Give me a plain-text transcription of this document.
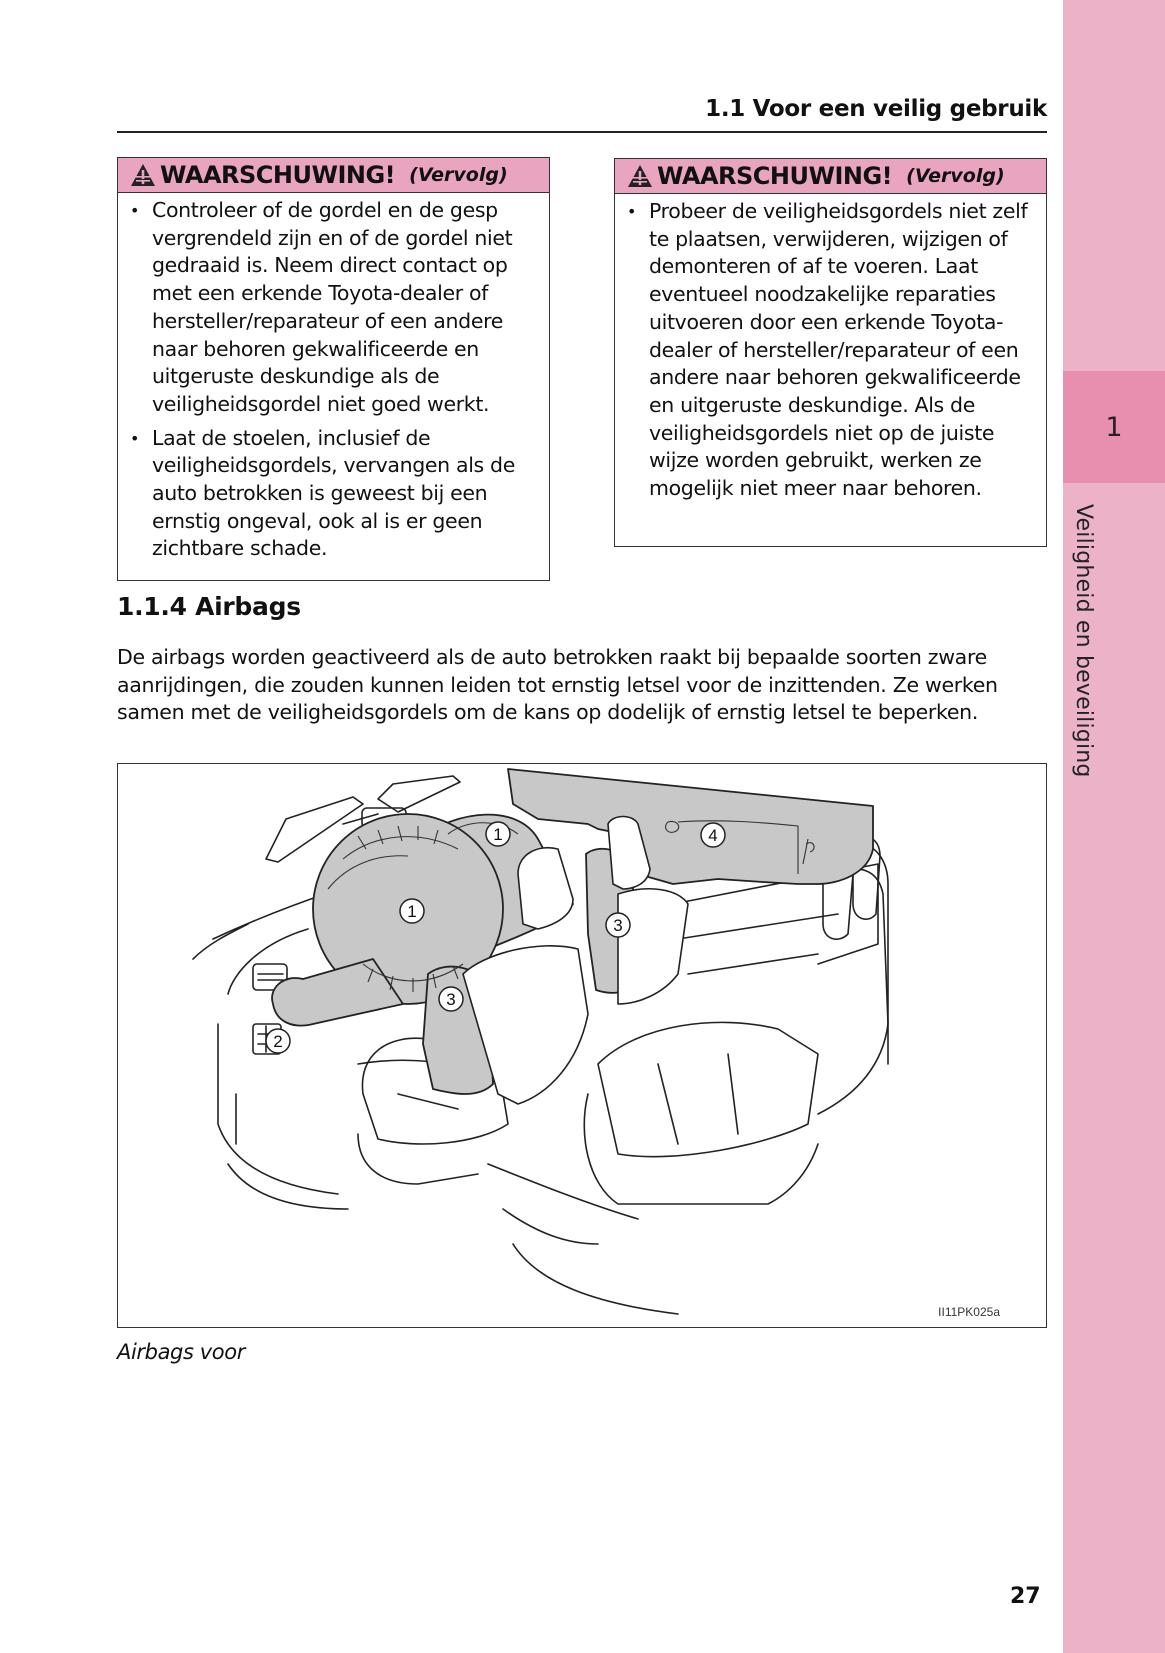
1
Veiligheid en beveiliging
1.1 Voor een veilig gebruik
WAARSCHUWING! (Vervolg)
• Controleer of de gordel en de gesp vergrendeld zijn en of de gordel niet gedraaid is. Neem direct contact op met een erkende Toyota-dealer of hersteller/reparateur of een andere naar behoren gekwalificeerde en uitgeruste deskundige als de veiligheidsgordel niet goed werkt.
• Laat de stoelen, inclusief de veiligheidsgordels, vervangen als de auto betrokken is geweest bij een ernstig ongeval, ook al is er geen zichtbare schade.
WAARSCHUWING! (Vervolg)
• Probeer de veiligheidsgordels niet zelf te plaatsen, verwijderen, wijzigen of demonteren of af te voeren. Laat eventueel noodzakelijke reparaties uitvoeren door een erkende Toyota-dealer of hersteller/reparateur of een andere naar behoren gekwalificeerde en uitgeruste deskundige. Als de veiligheidsgordels niet op de juiste wijze worden gebruikt, werken ze mogelijk niet meer naar behoren.
1.1.4 Airbags
De airbags worden geactiveerd als de auto betrokken raakt bij bepaalde soorten zware aanrijdingen, die zouden kunnen leiden tot ernstig letsel voor de inzittenden. Ze werken samen met de veiligheidsgordels om de kans op dodelijk of ernstig letsel te beperken.
1
1
2
3
3
4
II11PK025a
Airbags voor
27
